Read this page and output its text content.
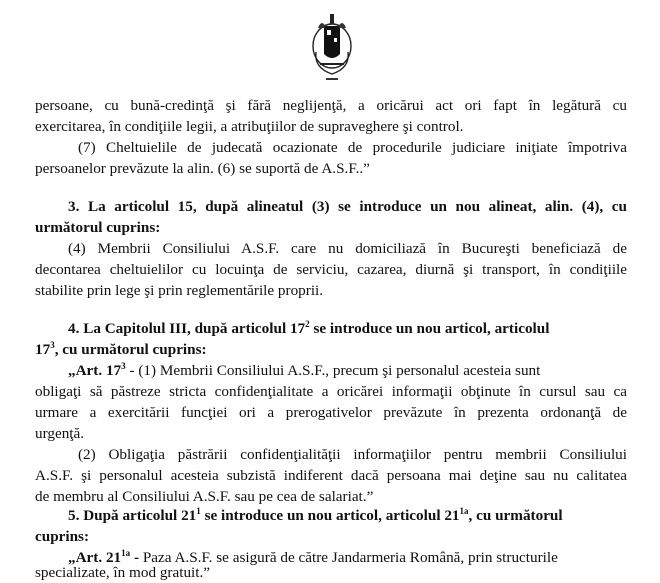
persoane, cu bună-credinţă şi fără neglijenţă, a oricărui act ori fapt în legătură cu
exercitarea, în condiţiile legii, a atribuţiilor de supraveghere şi control.
(7) Cheltuielile de judecată ocazionate de procedurile judiciare iniţiate împotriva
persoanelor prevăzute la alin. (6) se suportă de A.S.F..”
3. La articolul 15, după alineatul (3) se introduce un nou alineat, alin. (4), cu
următorul cuprins:
(4) Membrii Consiliului A.S.F. care nu domiciliază în Bucureşti beneficiază de
decontarea cheltuielilor cu locuinţa de serviciu, cazarea, diurnă şi transport, în condiţiile
stabilite prin lege şi prin reglementările proprii.
4. La Capitolul III, după articolul $17^2$ se introduce un nou articol, articolul
$17^3$, cu următorul cuprins:
„Art. $17^3 - (1)$ Membrii Consiliului A.S.F., precum şi personalul acesteia sunt
obligaţi să păstreze stricta confidenţialitate a oricărei informaţii obţinute în cursul sau ca
urmare a exercitării funcţiei ori a prerogativelor prevăzute în prezenta ordonanţă de
urgenţă.
(2) Obligaţia păstrării confidenţialităţii informaţiilor pentru membrii Consiliului
A.S.F. şi personalul acesteia subzistă indiferent dacă persoana mai deţine sau nu calitatea
de membru al Consiliului A.S.F. sau pe cea de salariat.”
5. După articolul $21^1$ se introduce un nou articol, articolul $21^{1a}$, cu următorul
cuprins:
„Art. $21^{1a}$ - Paza A.S.F. se asigură de către Jandarmeria Română, prin structurile
specializate, în mod gratuit.”
